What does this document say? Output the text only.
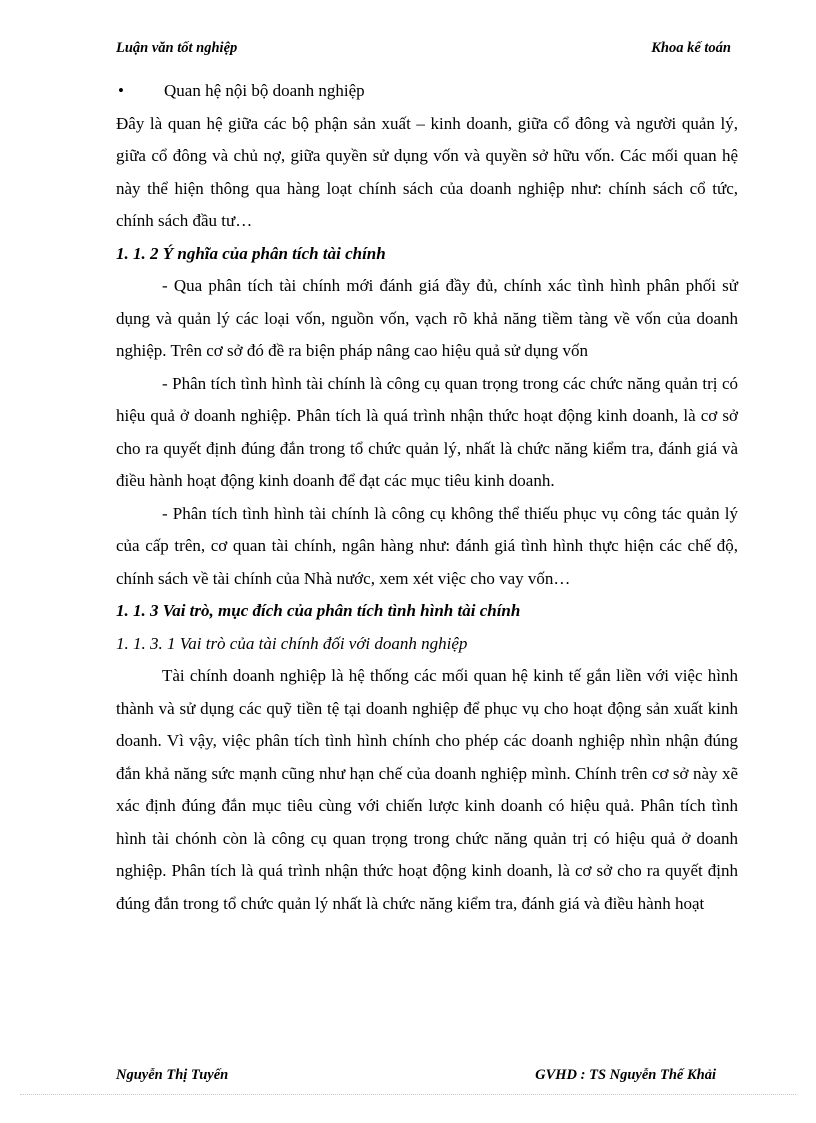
Luận văn tốt nghiệp	Khoa kế toán

• Quan hệ nội bộ doanh nghiệp

Đây là quan hệ giữa các bộ phận sản xuất – kinh doanh, giữa cổ đông và người quản lý, giữa cổ đông và chủ nợ, giữa quyền sử dụng vốn và quyền sở hữu vốn. Các mối quan hệ này thể hiện thông qua hàng loạt chính sách của doanh nghiệp như: chính sách cổ tức, chính sách đầu tư…

1. 1. 2 Ý nghĩa của phân tích tài chính

- Qua phân tích tài chính mới đánh giá đầy đủ, chính xác tình hình phân phối sử dụng và quản lý các loại vốn, nguồn vốn, vạch rõ khả năng tiềm tàng về vốn của doanh nghiệp. Trên cơ sở đó đề ra biện pháp nâng cao hiệu quả sử dụng vốn

- Phân tích tình hình tài chính là công cụ quan trọng trong các chức năng quản trị có hiệu quả ở doanh nghiệp. Phân tích là quá trình nhận thức hoạt động kinh doanh, là cơ sở cho ra quyết định đúng đắn trong tổ chức quản lý, nhất là chức năng kiểm tra, đánh giá và điều hành hoạt động kinh doanh để đạt các mục tiêu kinh doanh.

- Phân tích tình hình tài chính là công cụ không thể thiếu phục vụ công tác quản lý của cấp trên, cơ quan tài chính, ngân hàng như: đánh giá tình hình thực hiện các chế độ, chính sách về tài chính của Nhà nước, xem xét việc cho vay vốn…

1. 1. 3 Vai trò, mục đích của phân tích tình hình tài chính
1. 1. 3. 1 Vai trò của tài chính đối với doanh nghiệp

Tài chính doanh nghiệp là hệ thống các mối quan hệ kinh tế gắn liền với việc hình thành và sử dụng các quỹ tiền tệ tại doanh nghiệp để phục vụ cho hoạt động sản xuất kinh doanh. Vì vậy, việc phân tích tình hình chính cho phép các doanh nghiệp nhìn nhận đúng đắn khả năng sức mạnh cũng như hạn chế của doanh nghiệp mình. Chính trên cơ sở này xẽ xác định đúng đắn mục tiêu cùng với chiến lược kinh doanh có hiệu quả. Phân tích tình hình tài chónh còn là công cụ quan trọng trong chức năng quản trị có hiệu quả ở doanh nghiệp. Phân tích là quá trình nhận thức hoạt động kinh doanh, là cơ sở cho ra quyết định đúng đắn trong tổ chức quản lý nhất là chức năng kiểm tra, đánh giá và điều hành hoạt

Nguyễn Thị Tuyến	GVHD : TS Nguyễn Thế Khải
